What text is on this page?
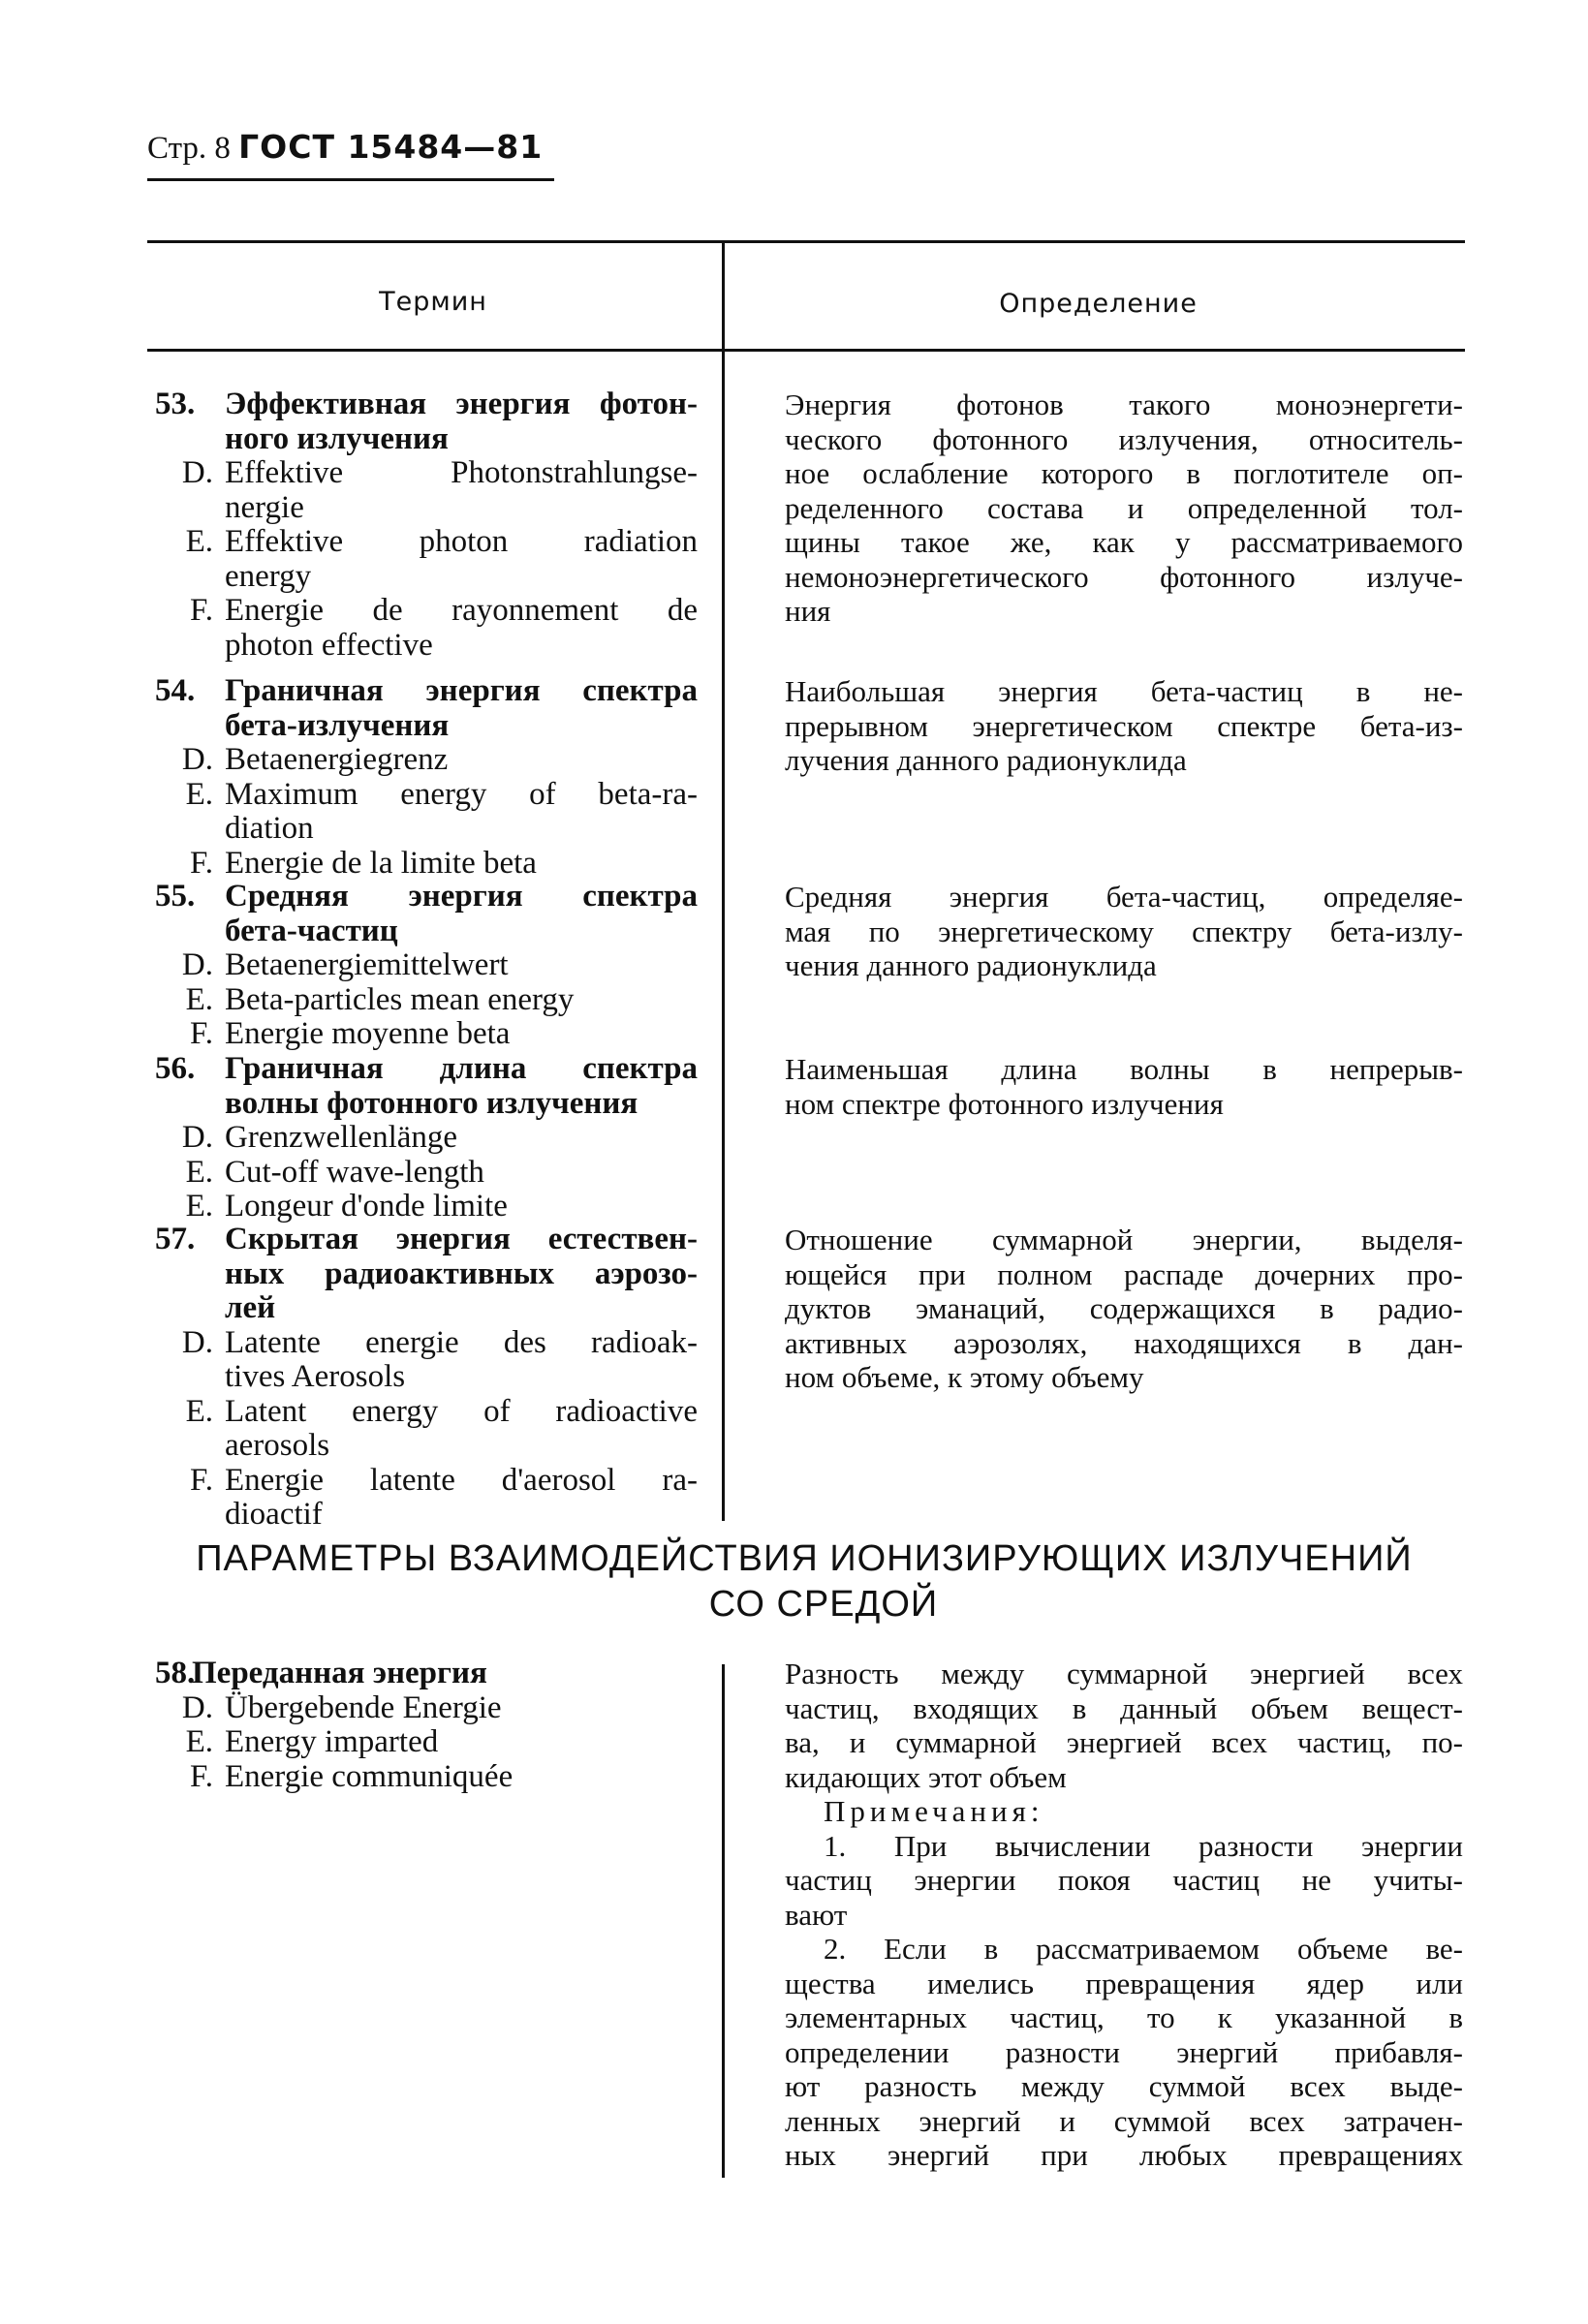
Стр. 8 ГОСТ 15484—81
Термин	Определение
53. Эффективная энергия фотон-
ного излучения
D. Effektive Photonstrahlungse-
nergie
E. Effektive photon radiation
energy
F. Energie de rayonnement de
photon effective
Энергия фотонов такого моноэнергети-
ческого фотонного излучения, относитель-
ное ослабление которого в поглотителе оп-
ределенного состава и определенной тол-
щины такое же, как у рассматриваемого
немоноэнергетического фотонного излуче-
ния
54. Граничная энергия спектра
бета-излучения
D. Betaenergiegrenz
E. Maximum energy of beta-ra-
diation
F. Energie de la limite beta
Наибольшая энергия бета-частиц в не-
прерывном энергетическом спектре бета-из-
лучения данного радионуклида
55. Средняя энергия спектра
бета-частиц
D. Betaenergiemittelwert
E. Beta-particles mean energy
F. Energie moyenne beta
Средняя энергия бета-частиц, определяе-
мая по энергетическому спектру бета-излу-
чения данного радионуклида
56. Граничная длина спектра
волны фотонного излучения
D. Grenzwellenlänge
E. Cut-off wave-length
E. Longeur d'onde limite
Наименьшая длина волны в непрерыв-
ном спектре фотонного излучения
57. Скрытая энергия естествен-
ных радиоактивных аэрозо-
лей
D. Latente energie des radioak-
tives Aerosols
E. Latent energy of radioactive
aerosols
F. Energie latente d'aerosol ra-
dioactif
Отношение суммарной энергии, выделя-
ющейся при полном распаде дочерних про-
дуктов эманаций, содержащихся в радио-
активных аэрозолях, находящихся в дан-
ном объеме, к этому объему
ПАРАМЕТРЫ ВЗАИМОДЕЙСТВИЯ ИОНИЗИРУЮЩИХ ИЗЛУЧЕНИЙ
СО СРЕДОЙ
58.Переданная энергия
D. Übergebende Energie
E. Energy imparted
F. Energie communiquée
Разность между суммарной энергией всех
частиц, входящих в данный объем вещест-
ва, и суммарной энергией всех частиц, по-
кидающих этот объем
Примечания:
1. При вычислении разности энергии
частиц энергии покоя частиц не учиты-
вают
2. Если в рассматриваемом объеме ве-
щества имелись превращения ядер или
элементарных частиц, то к указанной в
определении разности энергий прибавля-
ют разность между суммой всех выде-
ленных энергий и суммой всех затрачен-
ных энергий при любых превращениях
